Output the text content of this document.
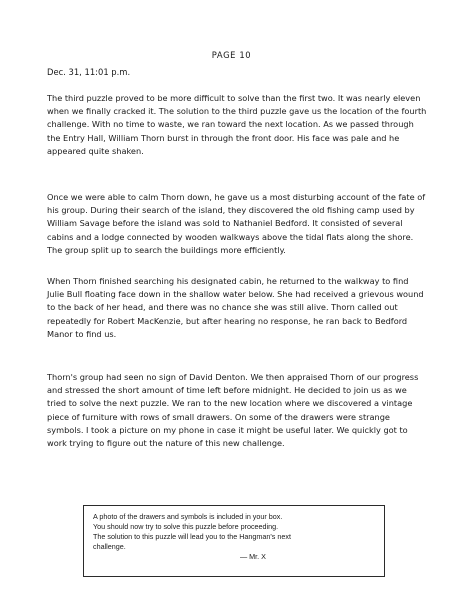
PAGE 10
Dec. 31, 11:01 p.m.

The third puzzle proved to be more difficult to solve than the first two. It was nearly eleven when we finally cracked it. The solution to the third puzzle gave us the location of the fourth challenge. With no time to waste, we ran toward the next location. As we passed through the Entry Hall, William Thorn burst in through the front door. His face was pale and he appeared quite shaken.

Once we were able to calm Thorn down, he gave us a most disturbing account of the fate of his group. During their search of the island, they discovered the old fishing camp used by William Savage before the island was sold to Nathaniel Bedford. It consisted of several cabins and a lodge connected by wooden walkways above the tidal flats along the shore. The group split up to search the buildings more efficiently.

When Thorn finished searching his designated cabin, he returned to the walkway to find Julie Bull floating face down in the shallow water below. She had received a grievous wound to the back of her head, and there was no chance she was still alive. Thorn called out repeatedly for Robert MacKenzie, but after hearing no response, he ran back to Bedford Manor to find us.

Thorn's group had seen no sign of David Denton. We then appraised Thorn of our progress and stressed the short amount of time left before midnight. He decided to join us as we tried to solve the next puzzle. We ran to the new location where we discovered a vintage piece of furniture with rows of small drawers. On some of the drawers were strange symbols. I took a picture on my phone in case it might be useful later. We quickly got to work trying to figure out the nature of this new challenge.

A photo of the drawers and symbols is included in your box.
You should now try to solve this puzzle before proceeding.
The solution to this puzzle will lead you to the Hangman's next
challenge.
— Mr. X
